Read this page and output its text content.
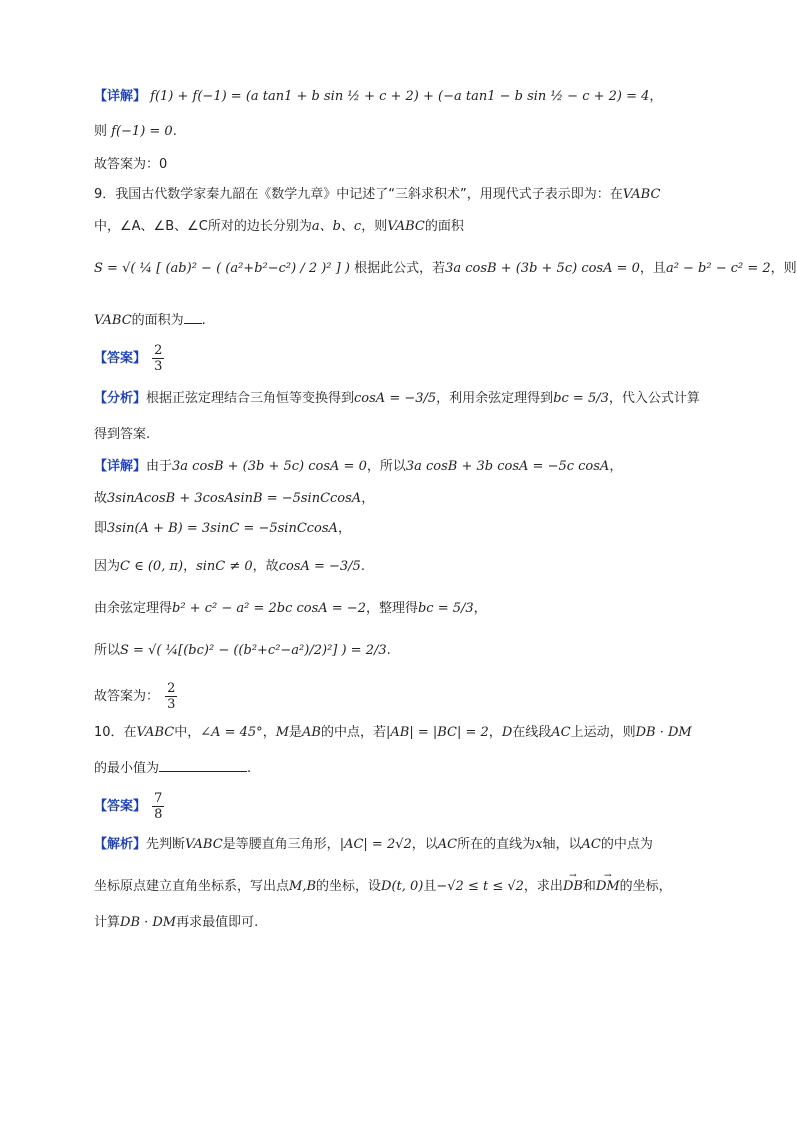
【详解】 f(1) + f(−1) = (a tan1 + b sin ½ + c + 2) + (−a tan1 − b sin ½ − c + 2) = 4，
则 f(−1) = 0.
故答案为：0
9．我国古代数学家秦九韶在《数学九章》中记述了“三斜求积术”，用现代式子表示即为：在VABC
中，∠A、∠B、∠C所对的边长分别为a、b、c，则VABC的面积
S = √( ¼ [ (ab)² − ( (a²+b²−c²) / 2 )² ] ) 根据此公式，若3a cosB + (3b + 5c) cosA = 0，且a² − b² − c² = 2，则
VABC的面积为 .
【答案】 $\frac{2}{3}$
【分析】根据正弦定理结合三角恒等变换得到cosA = −3/5，利用余弦定理得到bc = 5/3，代入公式计算
得到答案.
【详解】由于3a cosB + (3b + 5c) cosA = 0，所以3a cosB + 3b cosA = −5c cosA，
故3sinAcosB + 3cosAsinB = −5sinCcosA，
即3sin(A + B) = 3sinC = −5sinCcosA，
因为C ∈ (0, π)，sinC ≠ 0，故cosA = −3/5.
由余弦定理得b² + c² − a² = 2bc cosA = −2，整理得bc = 5/3，
所以S = √( ¼[(bc)² − ((b²+c²−a²)/2)²] ) = 2/3.
故答案为： $\frac{2}{3}$
10．在VABC中，∠A = 45°，M是AB的中点，若|AB| = |BC| = 2，D在线段AC上运动，则DB · DM
的最小值为	.
【答案】 $\frac{7}{8}$
【解析】先判断VABC是等腰直角三角形，|AC| = 2√2，以AC所在的直线为x轴，以AC的中点为
坐标原点建立直角坐标系，写出点M,B的坐标，设D(t, 0)且−√2 ≤ t ≤ √2，求出→ DB和→ DM的坐标，
计算DB · DM再求最值即可.
